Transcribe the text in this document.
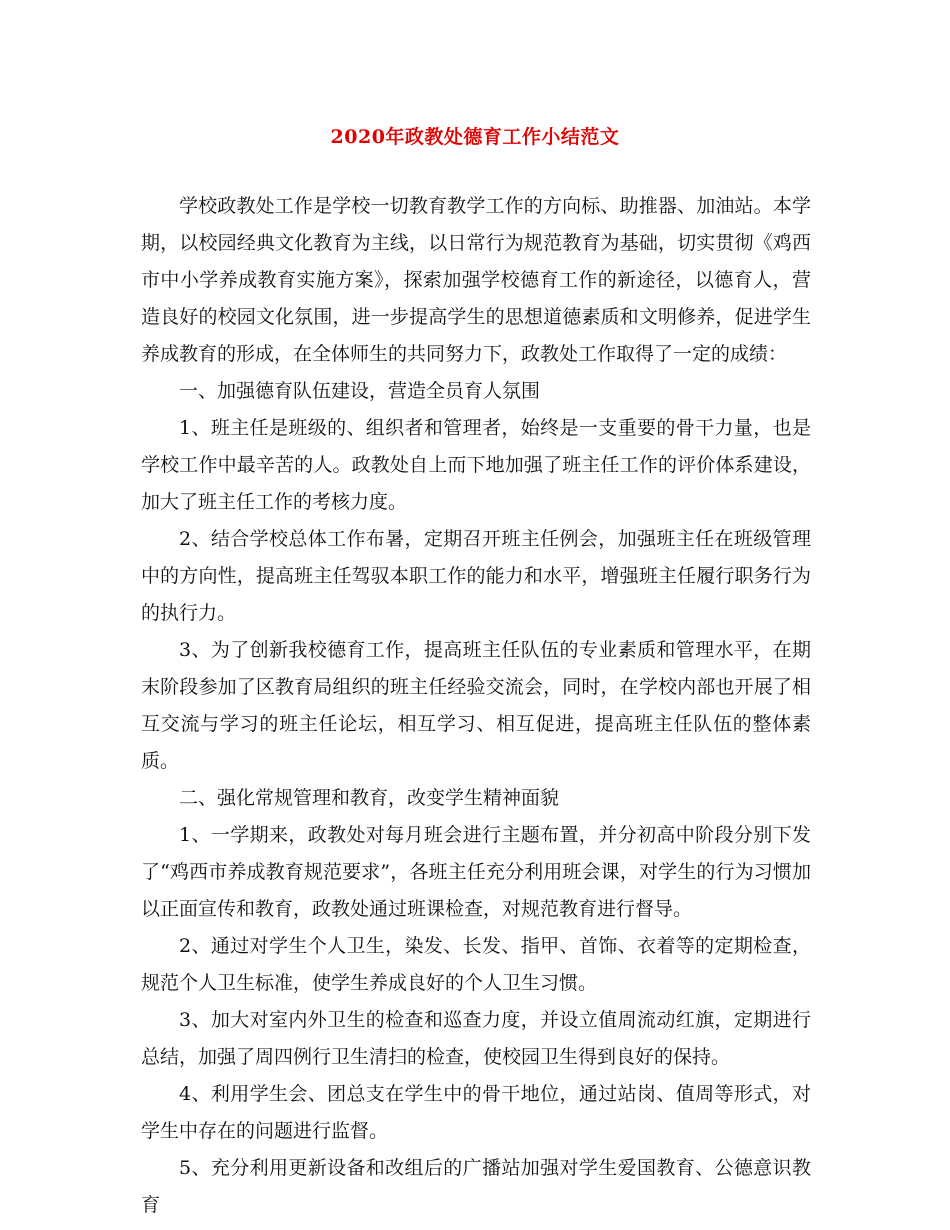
2020年政教处德育工作小结范文

学校政教处工作是学校一切教育教学工作的方向标、助推器、加油站。本学期，以校园经典文化教育为主线，以日常行为规范教育为基础，切实贯彻《鸡西市中小学养成教育实施方案》，探索加强学校德育工作的新途径，以德育人，营造良好的校园文化氛围，进一步提高学生的思想道德素质和文明修养，促进学生养成教育的形成，在全体师生的共同努力下，政教处工作取得了一定的成绩：

一、加强德育队伍建设，营造全员育人氛围

1、班主任是班级的、组织者和管理者，始终是一支重要的骨干力量，也是学校工作中最辛苦的人。政教处自上而下地加强了班主任工作的评价体系建设，加大了班主任工作的考核力度。

2、结合学校总体工作布暑，定期召开班主任例会，加强班主任在班级管理中的方向性，提高班主任驾驭本职工作的能力和水平，增强班主任履行职务行为的执行力。

3、为了创新我校德育工作，提高班主任队伍的专业素质和管理水平，在期末阶段参加了区教育局组织的班主任经验交流会，同时，在学校内部也开展了相互交流与学习的班主任论坛，相互学习、相互促进，提高班主任队伍的整体素质。

二、强化常规管理和教育，改变学生精神面貌

1、一学期来，政教处对每月班会进行主题布置，并分初高中阶段分别下发了“鸡西市养成教育规范要求”，各班主任充分利用班会课，对学生的行为习惯加以正面宣传和教育，政教处通过班课检查，对规范教育进行督导。

2、通过对学生个人卫生，染发、长发、指甲、首饰、衣着等的定期检查，规范个人卫生标准，使学生养成良好的个人卫生习惯。

3、加大对室内外卫生的检查和巡查力度，并设立值周流动红旗，定期进行总结，加强了周四例行卫生清扫的检查，使校园卫生得到良好的保持。

4、利用学生会、团总支在学生中的骨干地位，通过站岗、值周等形式，对学生中存在的问题进行监督。

5、充分利用更新设备和改组后的广播站加强对学生爱国教育、公德意识教育
